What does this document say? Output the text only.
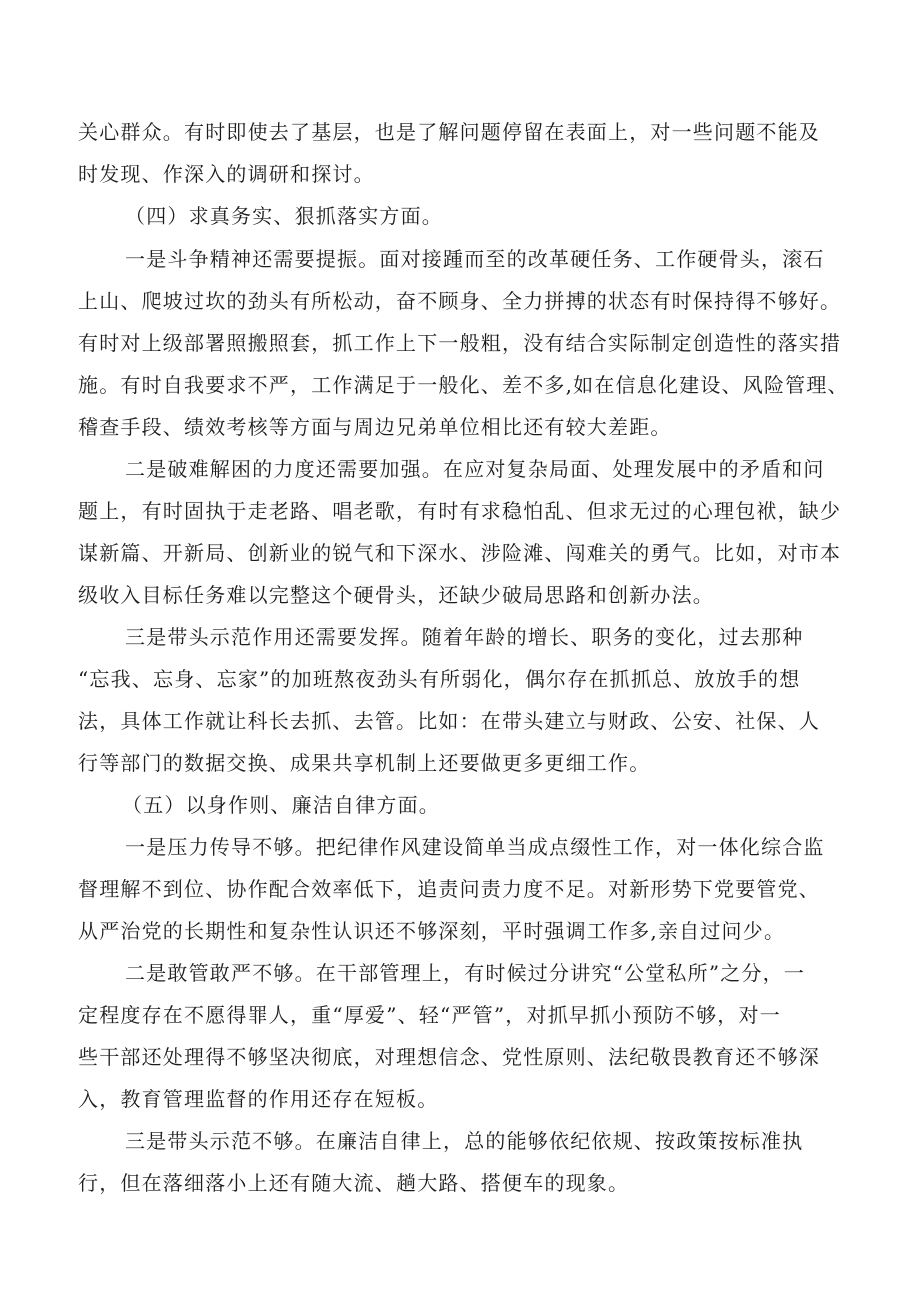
关心群众。有时即使去了基层，也是了解问题停留在表面上，对一些问题不能及
时发现、作深入的调研和探讨。
（四）求真务实、狠抓落实方面。
一是斗争精神还需要提振。面对接踵而至的改革硬任务、工作硬骨头，滚石
上山、爬坡过坎的劲头有所松动，奋不顾身、全力拼搏的状态有时保持得不够好。
有时对上级部署照搬照套，抓工作上下一般粗，没有结合实际制定创造性的落实措
施。有时自我要求不严，工作满足于一般化、差不多,如在信息化建设、风险管理、
稽查手段、绩效考核等方面与周边兄弟单位相比还有较大差距。
二是破难解困的力度还需要加强。在应对复杂局面、处理发展中的矛盾和问
题上，有时固执于走老路、唱老歌，有时有求稳怕乱、但求无过的心理包袱，缺少
谋新篇、开新局、创新业的锐气和下深水、涉险滩、闯难关的勇气。比如，对市本
级收入目标任务难以完整这个硬骨头，还缺少破局思路和创新办法。
三是带头示范作用还需要发挥。随着年龄的增长、职务的变化，过去那种
“忘我、忘身、忘家”的加班熬夜劲头有所弱化，偶尔存在抓抓总、放放手的想
法，具体工作就让科长去抓、去管。比如：在带头建立与财政、公安、社保、人
行等部门的数据交换、成果共享机制上还要做更多更细工作。
（五）以身作则、廉洁自律方面。
一是压力传导不够。把纪律作风建设简单当成点缀性工作，对一体化综合监
督理解不到位、协作配合效率低下，追责问责力度不足。对新形势下党要管党、
从严治党的长期性和复杂性认识还不够深刻，平时强调工作多,亲自过问少。
二是敢管敢严不够。在干部管理上，有时候过分讲究“公堂私所”之分，一
定程度存在不愿得罪人，重“厚爱”、轻“严管”，对抓早抓小预防不够，对一
些干部还处理得不够坚决彻底，对理想信念、党性原则、法纪敬畏教育还不够深
入，教育管理监督的作用还存在短板。
三是带头示范不够。在廉洁自律上，总的能够依纪依规、按政策按标准执
行，但在落细落小上还有随大流、趟大路、搭便车的现象。
